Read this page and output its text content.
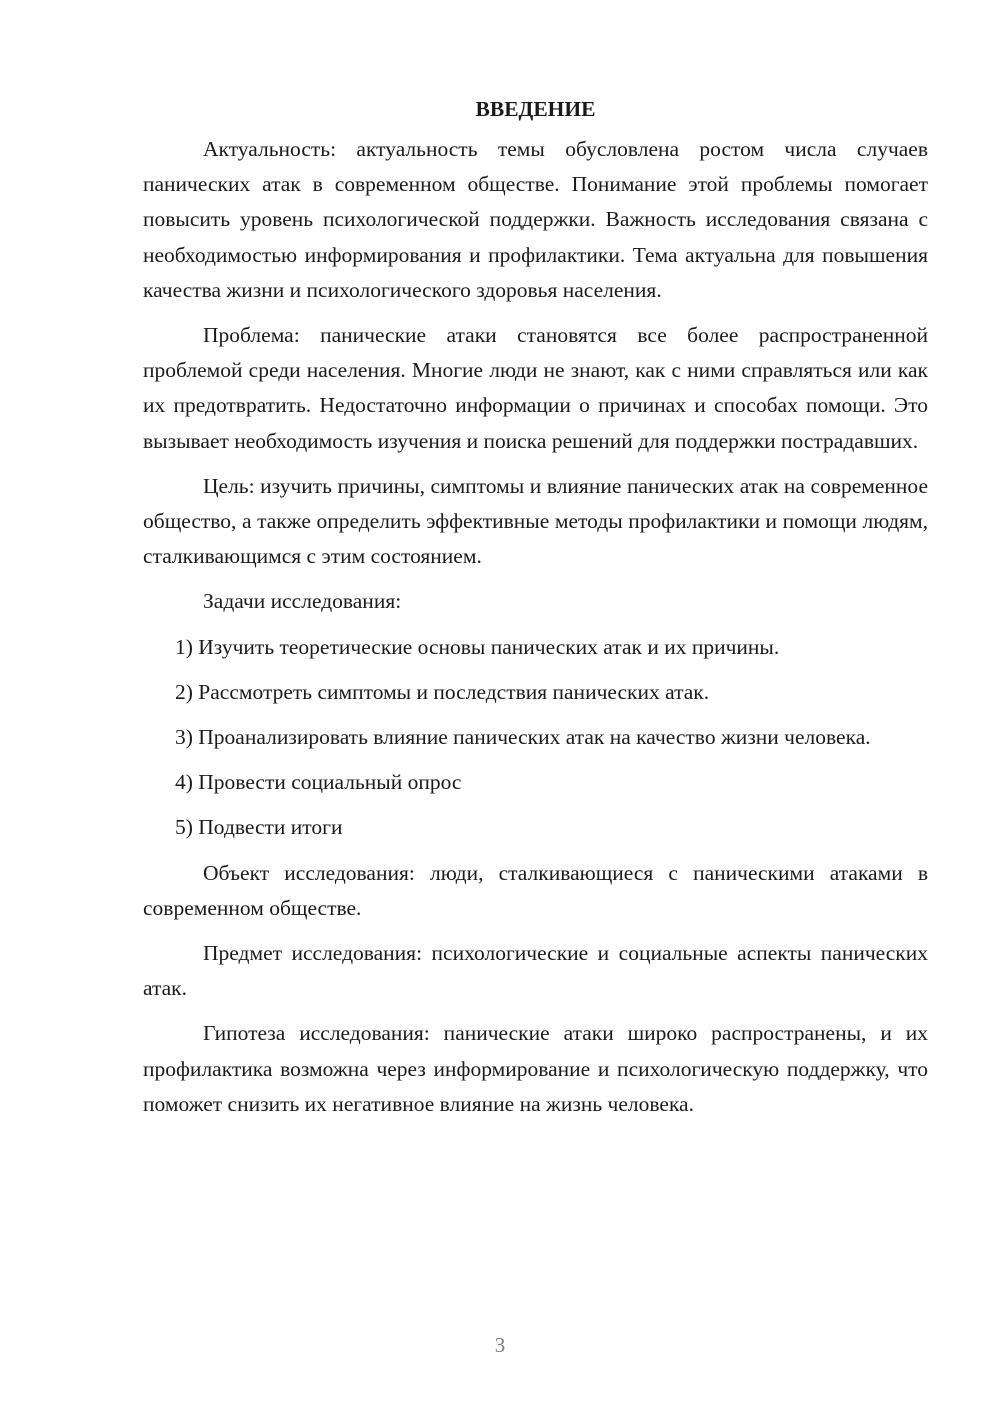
ВВЕДЕНИЕ

Актуальность: актуальность темы обусловлена ростом числа случаев панических атак в современном обществе. Понимание этой проблемы помогает повысить уровень психологической поддержки. Важность исследования связана с необходимостью информирования и профилактики. Тема актуальна для повышения качества жизни и психологического здоровья населения.

Проблема: панические атаки становятся все более распространенной проблемой среди населения. Многие люди не знают, как с ними справляться или как их предотвратить. Недостаточно информации о причинах и способах помощи. Это вызывает необходимость изучения и поиска решений для поддержки пострадавших.

Цель: изучить причины, симптомы и влияние панических атак на современное общество, а также определить эффективные методы профилактики и помощи людям, сталкивающимся с этим состоянием.

Задачи исследования:

1) Изучить теоретические основы панических атак и их причины.

2) Рассмотреть симптомы и последствия панических атак.

3) Проанализировать влияние панических атак на качество жизни человека.

4) Провести социальный опрос

5) Подвести итоги

Объект исследования: люди, сталкивающиеся с паническими атаками в современном обществе.

Предмет исследования: психологические и социальные аспекты панических атак.

Гипотеза исследования: панические атаки широко распространены, и их профилактика возможна через информирование и психологическую поддержку, что поможет снизить их негативное влияние на жизнь человека.

3
